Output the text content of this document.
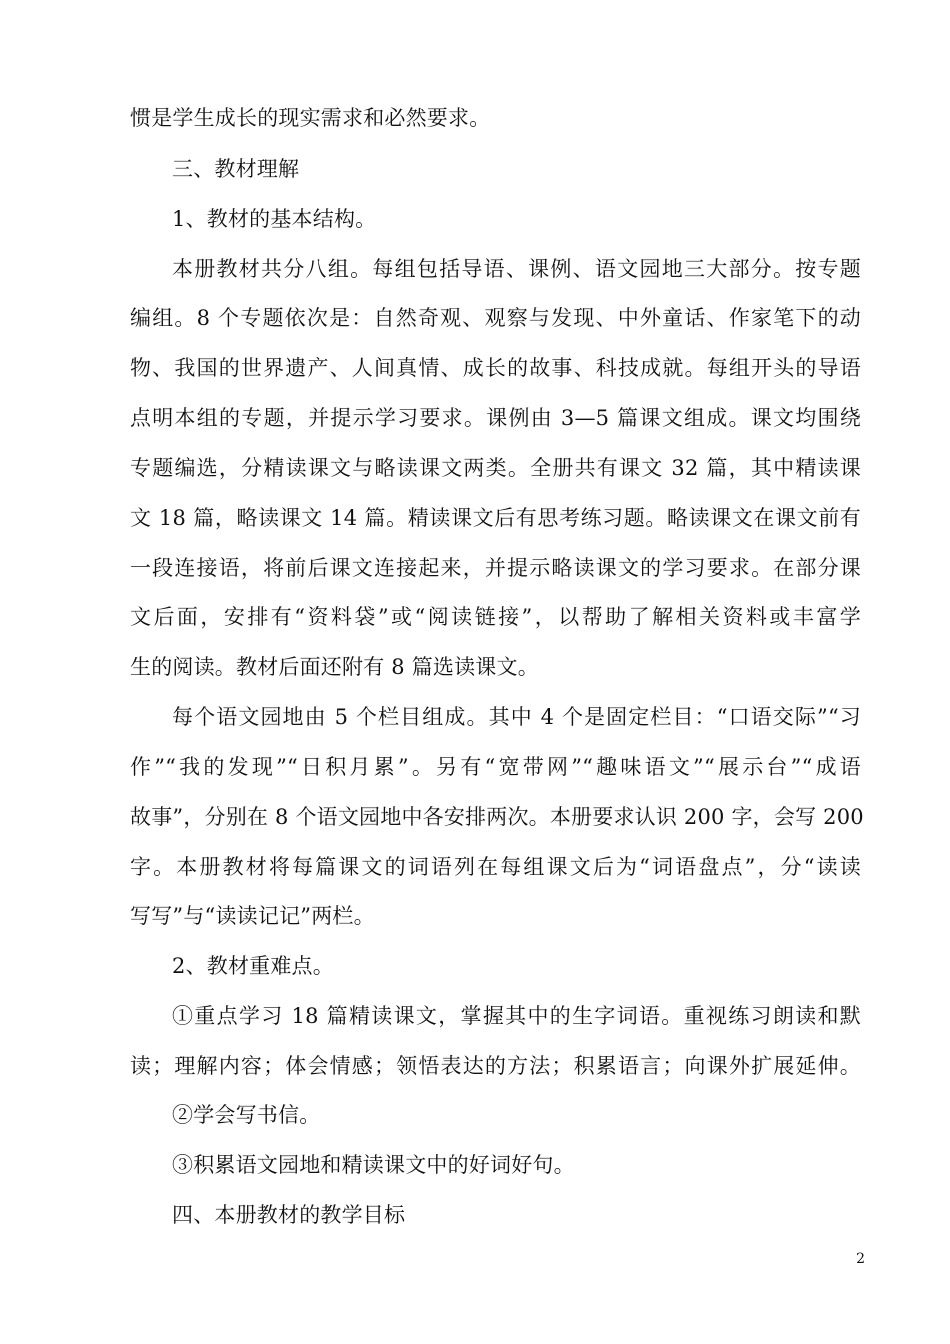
惯是学生成长的现实需求和必然要求。
三、教材理解
1、教材的基本结构。
本册教材共分八组。每组包括导语、课例、语文园地三大部分。按专题
编组。8 个专题依次是：自然奇观、观察与发现、中外童话、作家笔下的动
物、我国的世界遗产、人间真情、成长的故事、科技成就。每组开头的导语
点明本组的专题，并提示学习要求。课例由 3—5 篇课文组成。课文均围绕
专题编选，分精读课文与略读课文两类。全册共有课文 32 篇，其中精读课
文 18 篇，略读课文 14 篇。精读课文后有思考练习题。略读课文在课文前有
一段连接语，将前后课文连接起来，并提示略读课文的学习要求。在部分课
文后面，安排有“资料袋”或“阅读链接”，以帮助了解相关资料或丰富学
生的阅读。教材后面还附有 8 篇选读课文。
每个语文园地由 5 个栏目组成。其中 4 个是固定栏目：“口语交际”“习
作”“我的发现”“日积月累”。另有“宽带网”“趣味语文”“展示台”“成语
故事”，分别在 8 个语文园地中各安排两次。本册要求认识 200 字，会写 200
字。本册教材将每篇课文的词语列在每组课文后为“词语盘点”，分“读读
写写”与“读读记记”两栏。
2、教材重难点。
①重点学习 18 篇精读课文，掌握其中的生字词语。重视练习朗读和默
读；理解内容；体会情感；领悟表达的方法；积累语言；向课外扩展延伸。
②学会写书信。
③积累语文园地和精读课文中的好词好句。
四、本册教材的教学目标
2
